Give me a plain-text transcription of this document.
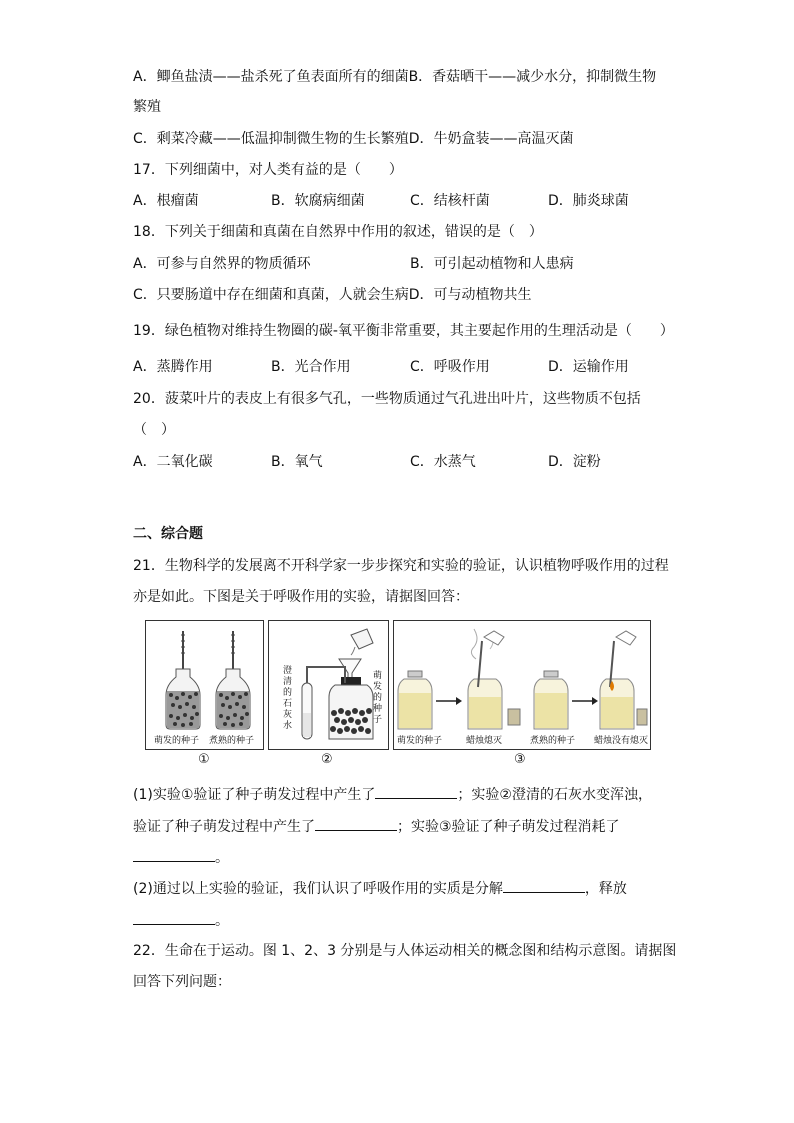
A．鲫鱼盐渍——盐杀死了鱼表面所有的细菌B．香菇晒干——减少水分，抑制微生物
繁殖
C．剩菜冷藏——低温抑制微生物的生长繁殖D．牛奶盒装——高温灭菌
17．下列细菌中，对人类有益的是（　　）
A．根瘤菌	B．软腐病细菌	C．结核杆菌	D．肺炎球菌
18．下列关于细菌和真菌在自然界中作用的叙述，错误的是（　）
A．可参与自然界的物质循环	B．可引起动植物和人患病
C．只要肠道中存在细菌和真菌，人就会生病D．可与动植物共生
19．绿色植物对维持生物圈的碳-氧平衡非常重要，其主要起作用的生理活动是（　　）
A．蒸腾作用	B．光合作用	C．呼吸作用	D．运输作用
20．菠菜叶片的表皮上有很多气孔，一些物质通过气孔进出叶片，这些物质不包括
（　）
A．二氧化碳	B．氧气	C．水蒸气	D．淀粉
二、综合题
21．生物科学的发展离不开科学家一步步探究和实验的验证，认识植物呼吸作用的过程
亦是如此。下图是关于呼吸作用的实验，请据图回答：
萌发的种子 煮熟的种子
澄
清
的
石
灰
水
萌
发
的
种
子
萌发的种子	蜡烛熄灭	煮熟的种子 蜡烛没有熄灭
①	②	③
(1)实验①验证了种子萌发过程中产生了	；实验②澄清的石灰水变浑浊，
验证了种子萌发过程中产生了	；实验③验证了种子萌发过程消耗了
。
(2)通过以上实验的验证，我们认识了呼吸作用的实质是分解	，释放
。
22．生命在于运动。图 1、2、3 分别是与人体运动相关的概念图和结构示意图。请据图
回答下列问题：
